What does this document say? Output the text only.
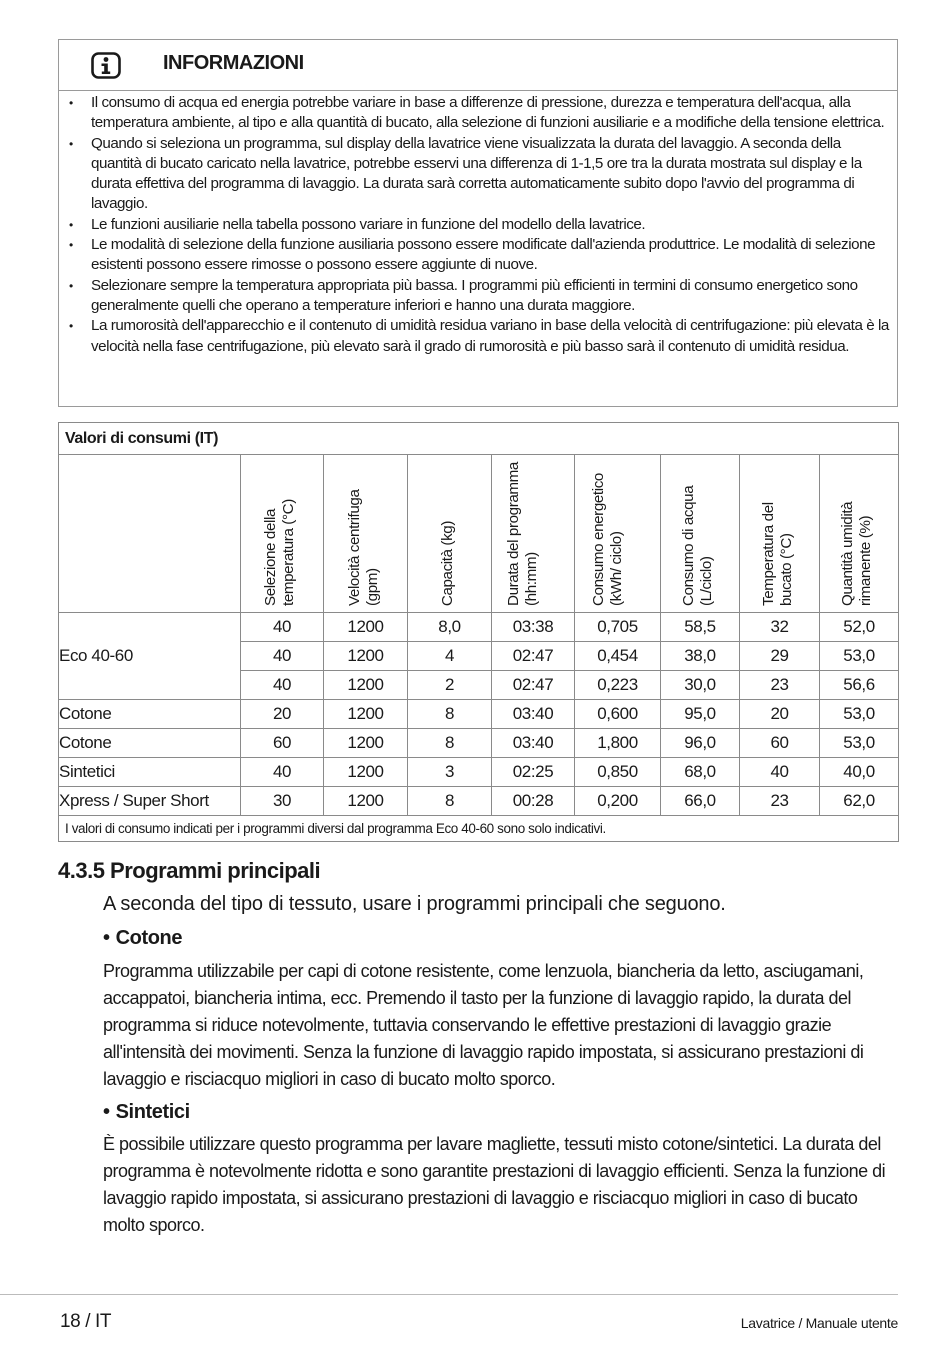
INFORMAZIONI
• Il consumo di acqua ed energia potrebbe variare in base a differenze di pressione, durezza e temperatura dell'acqua, alla temperatura ambiente, al tipo e alla quantità di bucato, alla selezione di funzioni ausiliarie e a modifiche della tensione elettrica.
• Quando si seleziona un programma, sul display della lavatrice viene visualizzata la durata del lavaggio. A seconda della quantità di bucato caricato nella lavatrice, potrebbe esservi una differenza di 1-1,5 ore tra la durata mostrata sul display e la durata effettiva del programma di lavaggio. La durata sarà corretta automaticamente subito dopo l'avvio del programma di lavaggio.
• Le funzioni ausiliarie nella tabella possono variare in funzione del modello della lavatrice.
• Le modalità di selezione della funzione ausiliaria possono essere modificate dall'azienda produttrice. Le modalità di selezione esistenti possono essere rimosse o possono essere aggiunte di nuove.
• Selezionare sempre la temperatura appropriata più bassa. I programmi più efficienti in termini di consumo energetico sono generalmente quelli che operano a temperature inferiori e hanno una durata maggiore.
• La rumorosità dell'apparecchio e il contenuto di umidità residua variano in base della velocità di centrifugazione: più elevata è la velocità nella fase centrifugazione, più elevato sarà il grado di rumorosità e più basso sarà il contenuto di umidità residua.
Valori di consumi (IT)								

	Selezione della temperatura (°C)	Velocità centrifuga (gpm)	Capacità (kg)	Durata del programma (hh:mm)	Consumo energetico (kWh/ ciclo)	Consumo di acqua (L/ciclo)	Temperatura del bucato (°C)	Quantità umidità rimanente (%)

Eco 40-60	40	1200	8,0	03:38	0,705	58,5	32	52,0
	40	1200	4	02:47	0,454	38,0	29	53,0
	40	1200	2	02:47	0,223	30,0	23	56,6
Cotone	20	1200	8	03:40	0,600	95,0	20	53,0
Cotone	60	1200	8	03:40	1,800	96,0	60	53,0
Sintetici	40	1200	3	02:25	0,850	68,0	40	40,0
Xpress / Super Short	30	1200	8	00:28	0,200	66,0	23	62,0
I valori di consumo indicati per i programmi diversi dal programma Eco 40-60 sono solo indicativi.								
4.3.5 Programmi principali
A seconda del tipo di tessuto, usare i programmi principali che seguono.
• Cotone
Programma utilizzabile per capi di cotone resistente, come lenzuola, biancheria da letto, asciugamani, accappatoi, biancheria intima, ecc. Premendo il tasto per la funzione di lavaggio rapido, la durata del programma si riduce notevolmente, tuttavia conservando le effettive prestazioni di lavaggio grazie all'intensità dei movimenti. Senza la funzione di lavaggio rapido impostata, si assicurano prestazioni di lavaggio e risciacquo migliori in caso di bucato molto sporco.
• Sintetici
È possibile utilizzare questo programma per lavare magliette, tessuti misto cotone/sintetici. La durata del programma è notevolmente ridotta e sono garantite prestazioni di lavaggio efficienti. Senza la funzione di lavaggio rapido impostata, si assicurano prestazioni di lavaggio e risciacquo migliori in caso di bucato molto sporco.
18 / IT	Lavatrice / Manuale utente
